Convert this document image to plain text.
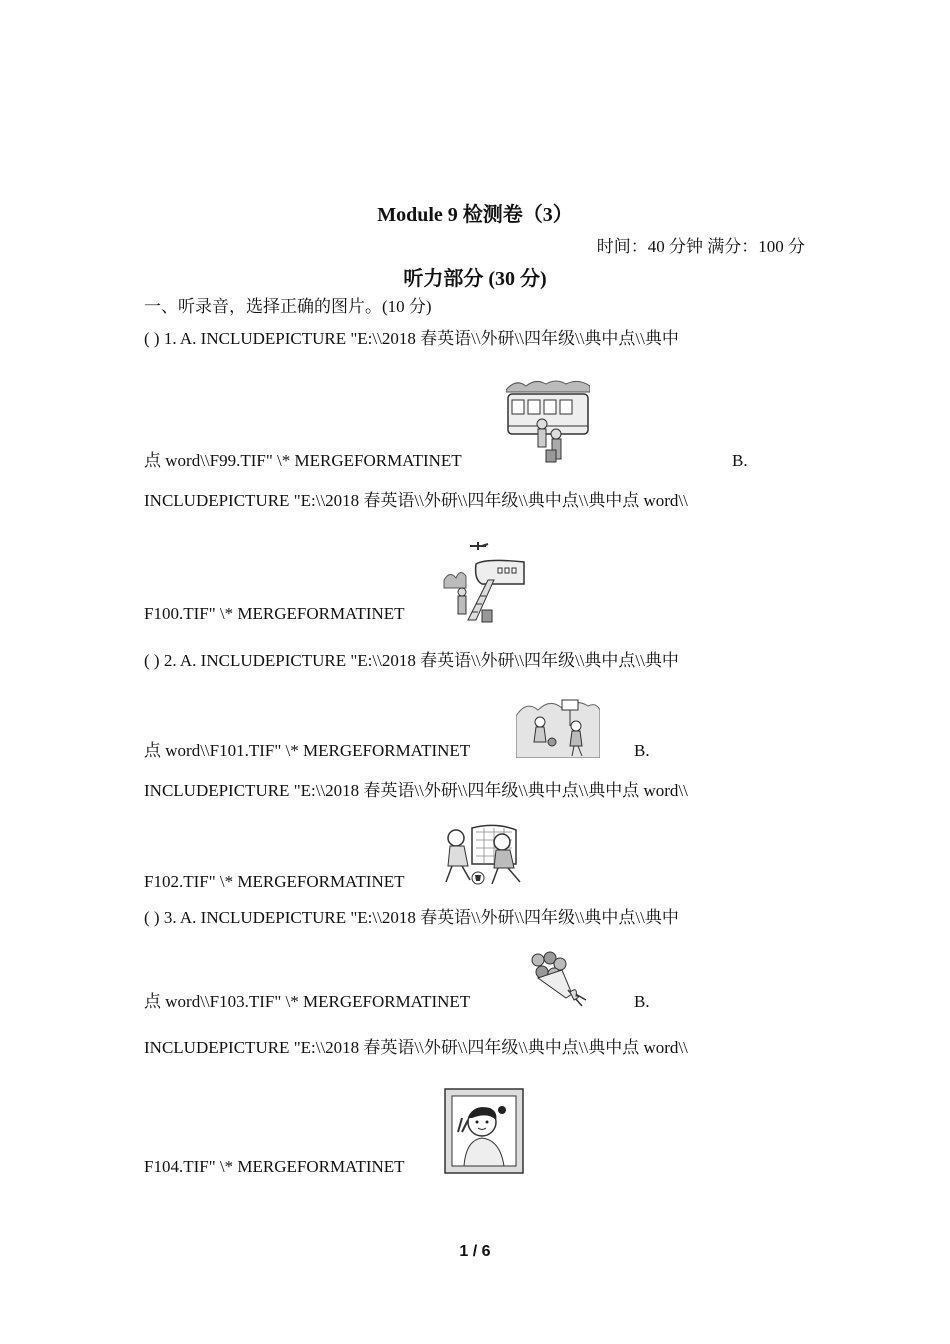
Module 9 检测卷（3）
时间：40 分钟 满分：100 分
听力部分 (30 分)
一、听录音，选择正确的图片。(10 分)
( ) 1. A. INCLUDEPICTURE "E:\\2018 春英语\\外研\\四年级\\典中点\\典中
点 word\\F99.TIF" \* MERGEFORMATINET	B.
INCLUDEPICTURE "E:\\2018 春英语\\外研\\四年级\\典中点\\典中点 word\\
F100.TIF" \* MERGEFORMATINET
( ) 2. A. INCLUDEPICTURE "E:\\2018 春英语\\外研\\四年级\\典中点\\典中
点 word\\F101.TIF" \* MERGEFORMATINET	B.
INCLUDEPICTURE "E:\\2018 春英语\\外研\\四年级\\典中点\\典中点 word\\
F102.TIF" \* MERGEFORMATINET
( ) 3. A. INCLUDEPICTURE "E:\\2018 春英语\\外研\\四年级\\典中点\\典中
点 word\\F103.TIF" \* MERGEFORMATINET	B.
INCLUDEPICTURE "E:\\2018 春英语\\外研\\四年级\\典中点\\典中点 word\\
F104.TIF" \* MERGEFORMATINET
1 / 6
